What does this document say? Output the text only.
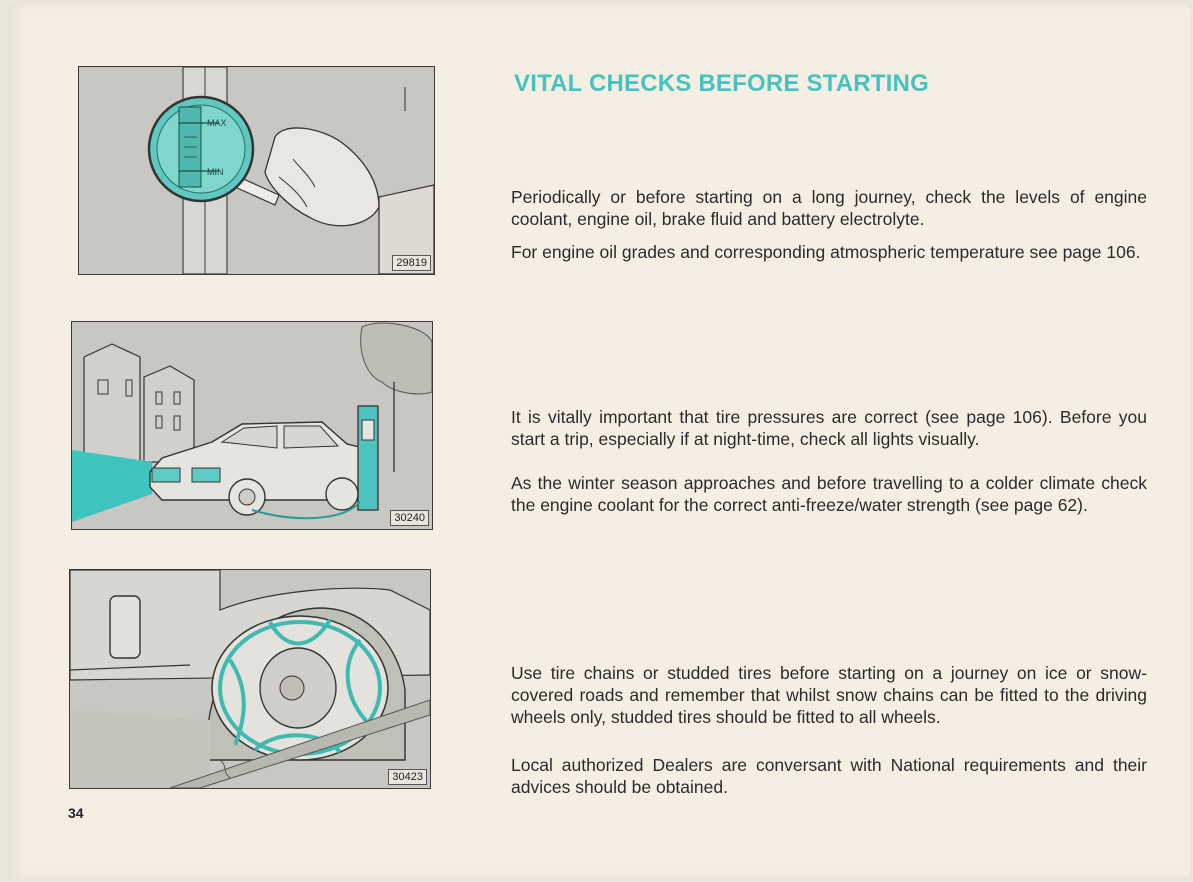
MAX
MIN
29819
30240
30423
VITAL CHECKS BEFORE STARTING

Periodically or before starting on a long journey, check the levels of engine coolant, engine oil, brake fluid and battery electrolyte.

For engine oil grades and corresponding atmospheric temperature see page 106.

It is vitally important that tire pressures are correct (see page 106). Before you start a trip, especially if at night-time, check all lights visually.

As the winter season approaches and before travelling to a colder climate check the engine coolant for the correct anti-freeze/water strength (see page 62).

Use tire chains or studded tires before starting on a journey on ice or snow-covered roads and remember that whilst snow chains can be fitted to the driving wheels only, studded tires should be fitted to all wheels.

Local authorized Dealers are conversant with National requirements and their advices should be obtained.

34
